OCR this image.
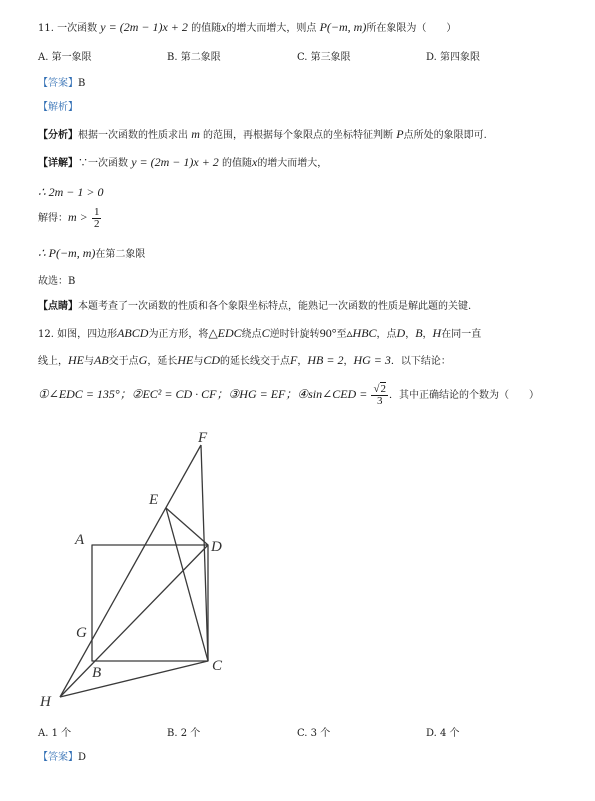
11. 一次函数 y = (2m − 1)x + 2 的值随x的增大而增大，则点 P(−m, m)所在象限为（　　）
A. 第一象限	B. 第二象限	C. 第三象限	D. 第四象限
【答案】B
【解析】
【分析】根据一次函数的性质求出 m 的范围，再根据每个象限点的坐标特征判断 P点所处的象限即可.
【详解】∵一次函数 y = (2m − 1)x + 2 的值随x的增大而增大，
∴ 2m − 1 > 0
解得：$m > \frac{1}{2}$
∴ P(−m, m)在第二象限
故选：B
【点睛】本题考查了一次函数的性质和各个象限坐标特点，能熟记一次函数的性质是解此题的关键.
12. 如图，四边形ABCD为正方形，将△EDC绕点C逆时针旋转90°至▵HBC，点D，B，H在同一直
线上，HE与AB交于点G，延长HE与CD的延长线交于点F，HB = 2，HG = 3．以下结论：
①∠EDC = 135°；②EC² = CD · CF；③HG = EF；④sin∠CED = $\frac{√2}{3}$ ．其中正确结论的个数为（　　）
F
E
A	D
G
B	C
H
A. 1 个	B. 2 个	C. 3 个	D. 4 个
【答案】D
